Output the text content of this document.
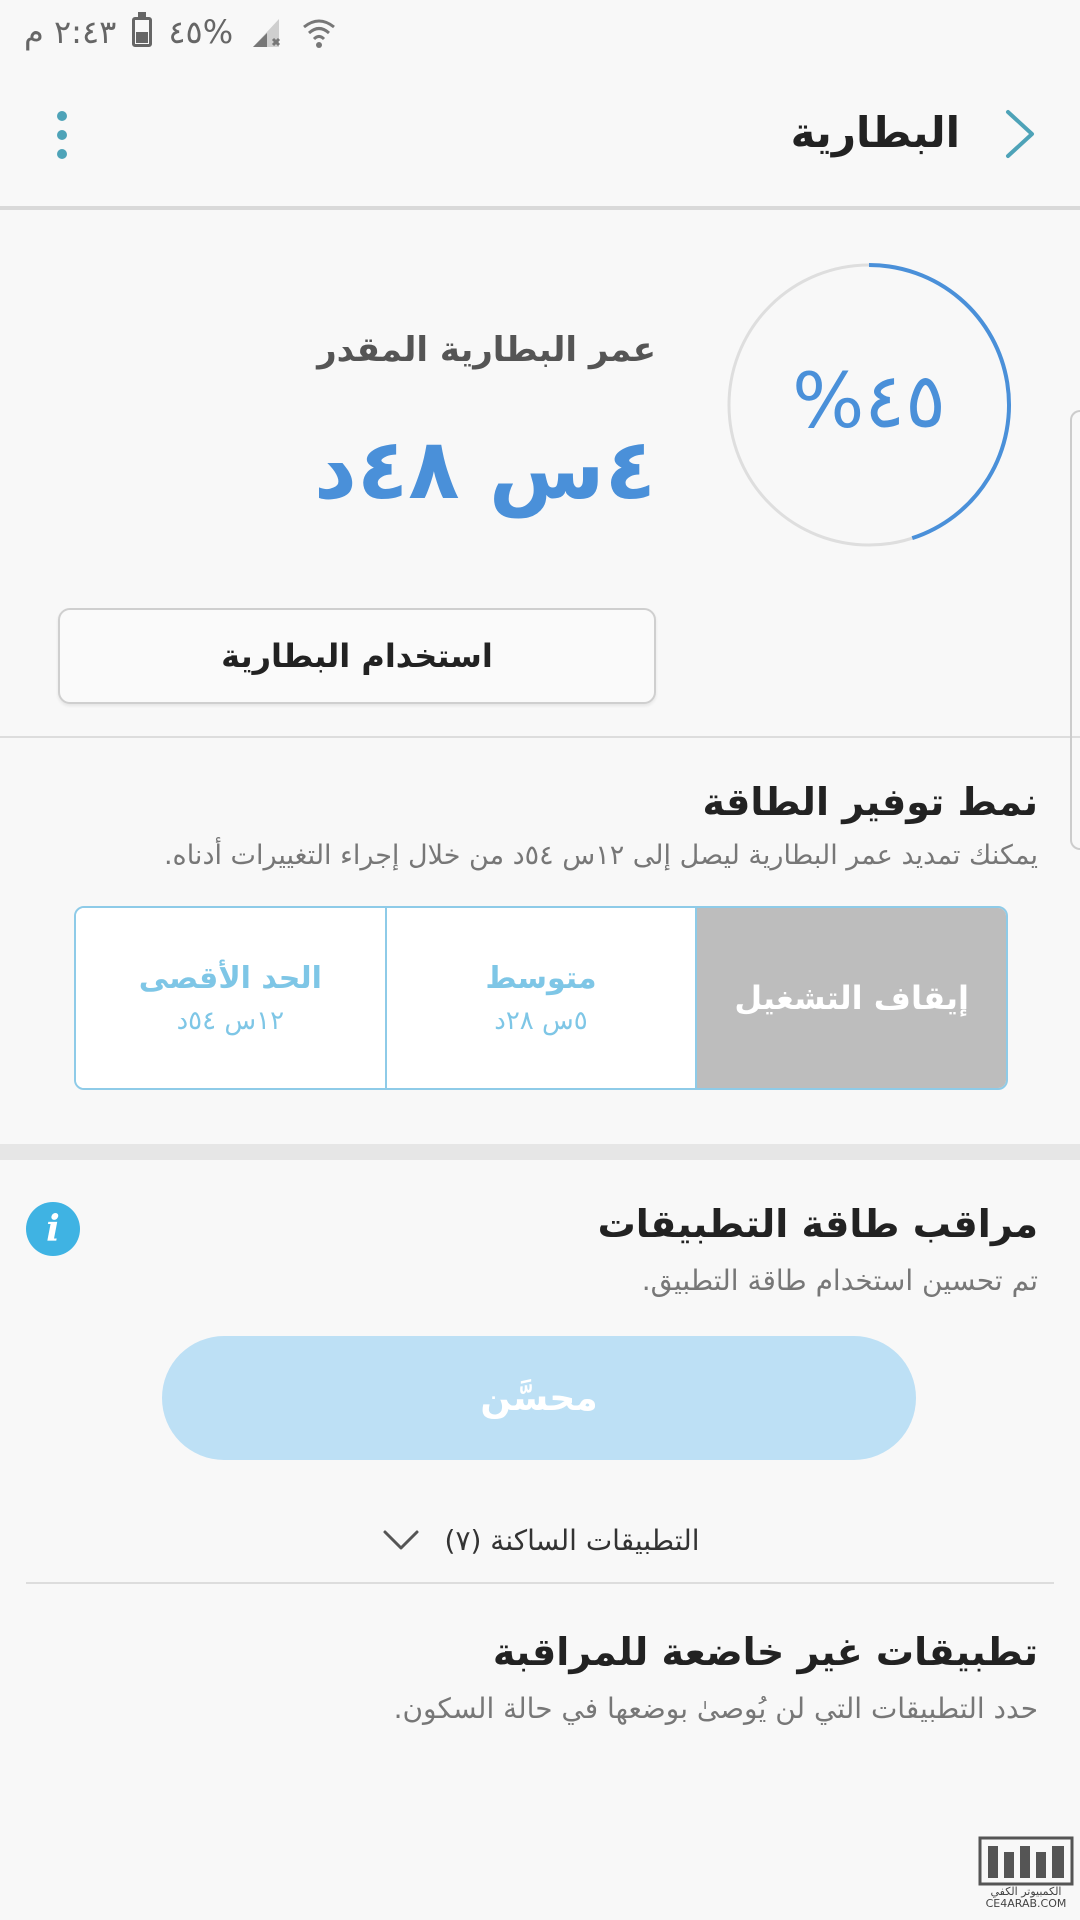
٢:٤٣ م ٤٥%
البطارية
٤٥%
عمر البطارية المقدر
٤س ٤٨د
استخدام البطارية
نمط توفير الطاقة
يمكنك تمديد عمر البطارية ليصل إلى ١٢س ٥٤د من خلال إجراء التغييرات أدناه.
إيقاف التشغيل
متوسط
٥س ٢٨د
الحد الأقصى
١٢س ٥٤د
i	مراقب طاقة التطبيقات
تم تحسين استخدام طاقة التطبيق.
محسَّن
التطبيقات الساكنة (٧)
تطبيقات غير خاضعة للمراقبة
حدد التطبيقات التي لن يُوصىٰ بوضعها في حالة السكون.
الكمبيوتر الكفي
CE4ARAB.COM
